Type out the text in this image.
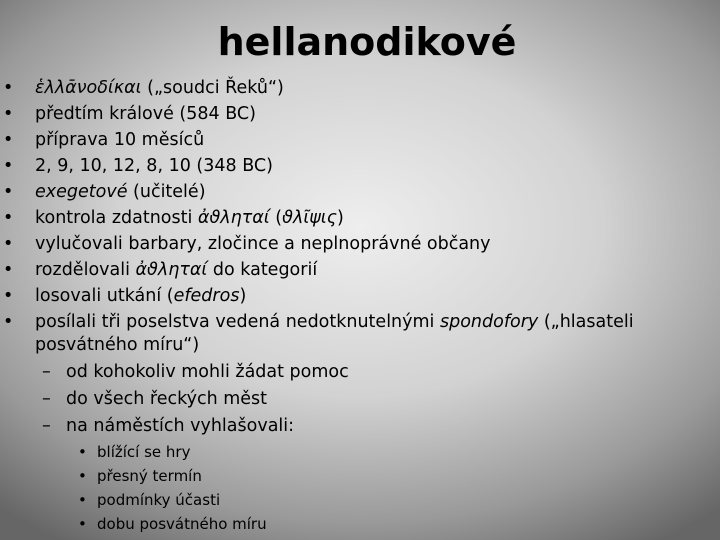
hellanodikové
• ἑλλᾱνοδίκαι („soudci Řeků“)
• předtím králové (584 BC)
• příprava 10 měsíců
• 2, 9, 10, 12, 8, 10 (348 BC)
• exegetové (učitelé)
• kontrola zdatnosti ἀϑληταί (ϑλῖψις)
• vylučovali barbary, zločince a neplnoprávné občany
• rozdělovali ἀϑληταί do kategorií
• losovali utkání (efedros)
• posílali tři poselstva vedená nedotknutelnými spondofory („hlasateli posvátného míru“)
– od kohokoliv mohli žádat pomoc
– do všech řeckých měst
– na náměstích vyhlašovali:
• blížící se hry
• přesný termín
• podmínky účasti
• dobu posvátného míru
